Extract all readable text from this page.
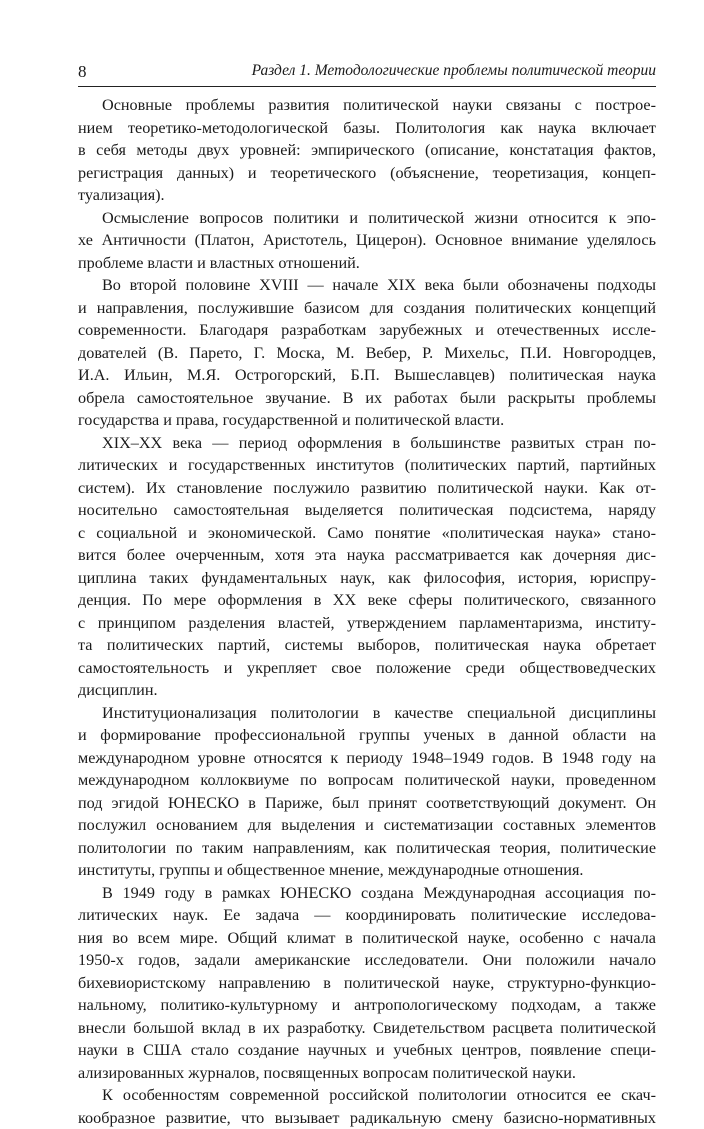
8	Раздел 1. Методологические проблемы политической теории
Основные проблемы развития политической науки связаны с построе-
нием теоретико-методологической базы. Политология как наука включает
в себя методы двух уровней: эмпирического (описание, констатация фактов,
регистрация данных) и теоретического (объяснение, теоретизация, концеп-
туализация).
Осмысление вопросов политики и политической жизни относится к эпо-
хе Античности (Платон, Аристотель, Цицерон). Основное внимание уделялось
проблеме власти и властных отношений.
Во второй половине XVIII — начале XIX века были обозначены подходы
и направления, послужившие базисом для создания политических концепций
современности. Благодаря разработкам зарубежных и отечественных иссле-
дователей (В. Парето, Г. Моска, М. Вебер, Р. Михельс, П.И. Новгородцев,
И.А. Ильин, М.Я. Острогорский, Б.П. Вышеславцев) политическая наука
обрела самостоятельное звучание. В их работах были раскрыты проблемы
государства и права, государственной и политической власти.
XIX–XX века — период оформления в большинстве развитых стран по-
литических и государственных институтов (политических партий, партийных
систем). Их становление послужило развитию политической науки. Как от-
носительно самостоятельная выделяется политическая подсистема, наряду
с социальной и экономической. Само понятие «политическая наука» стано-
вится более очерченным, хотя эта наука рассматривается как дочерняя дис-
циплина таких фундаментальных наук, как философия, история, юриспру-
денция. По мере оформления в XX веке сферы политического, связанного
с принципом разделения властей, утверждением парламентаризма, институ-
та политических партий, системы выборов, политическая наука обретает
самостоятельность и укрепляет свое положение среди обществоведческих
дисциплин.
Институционализация политологии в качестве специальной дисциплины
и формирование профессиональной группы ученых в данной области на
международном уровне относятся к периоду 1948–1949 годов. В 1948 году на
международном коллоквиуме по вопросам политической науки, проведенном
под эгидой ЮНЕСКО в Париже, был принят соответствующий документ. Он
послужил основанием для выделения и систематизации составных элементов
политологии по таким направлениям, как политическая теория, политические
институты, группы и общественное мнение, международные отношения.
В 1949 году в рамках ЮНЕСКО создана Международная ассоциация по-
литических наук. Ее задача — координировать политические исследова-
ния во всем мире. Общий климат в политической науке, особенно с начала
1950-х годов, задали американские исследователи. Они положили начало
бихевиористскому направлению в политической науке, структурно-функцио-
нальному, политико-культурному и антропологическому подходам, а также
внесли большой вклад в их разработку. Свидетельством расцвета политической
науки в США стало создание научных и учебных центров, появление специ-
ализированных журналов, посвященных вопросам политической науки.
К особенностям современной российской политологии относится ее скач-
кообразное развитие, что вызывает радикальную смену базисно-нормативных
